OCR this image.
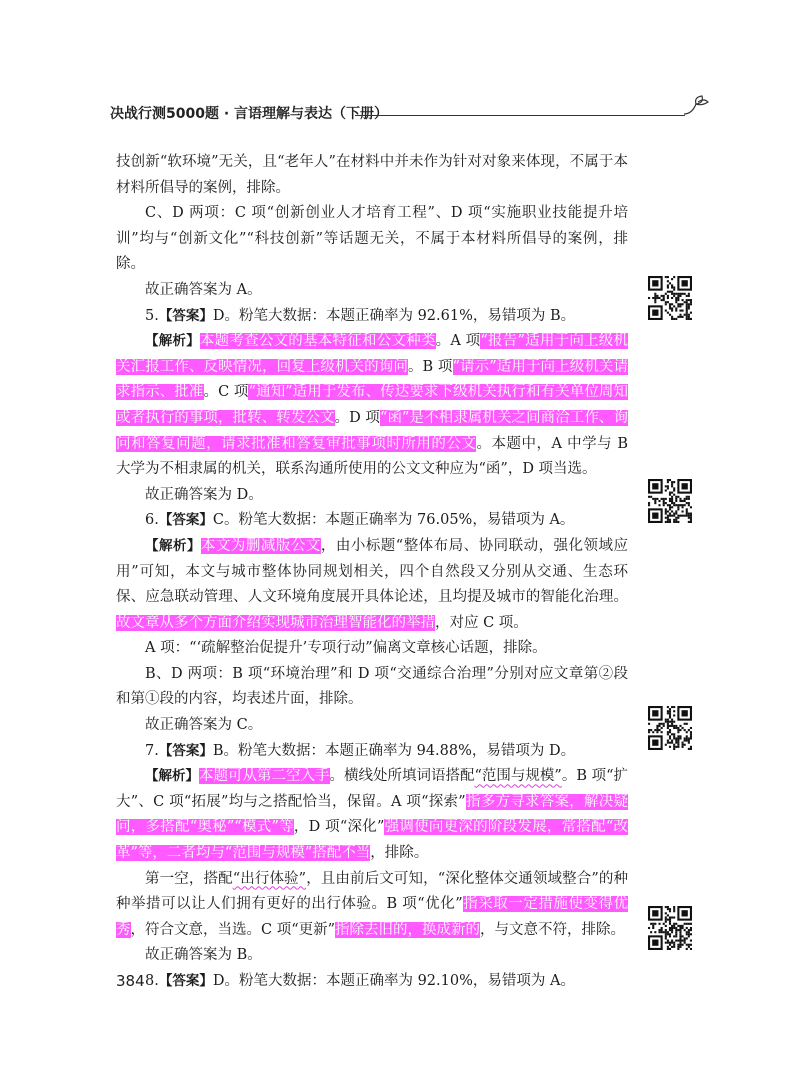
决战行测5000题 · 言语理解与表达（下册）

技创新“软环境”无关，且“老年人”在材料中并未作为针对对象来体现，不属于本材料所倡导的案例，排除。

C、D 两项：C 项“创新创业人才培育工程”、D 项“实施职业技能提升培训”均与“创新文化”“科技创新”等话题无关，不属于本材料所倡导的案例，排除。

故正确答案为 A。

5.【答案】D。粉笔大数据：本题正确率为 92.61%，易错项为 B。

【解析】本题考查公文的基本特征和公文种类。A 项“报告”适用于向上级机关汇报工作、反映情况，回复上级机关的询问。B 项“请示”适用于向上级机关请求指示、批准。C 项“通知”适用于发布、传达要求下级机关执行和有关单位周知或者执行的事项，批转、转发公文。D 项“函”是不相隶属机关之间商洽工作、询问和答复问题，请求批准和答复审批事项时所用的公文。本题中，A 中学与 B 大学为不相隶属的机关，联系沟通所使用的公文文种应为“函”，D 项当选。

故正确答案为 D。

6.【答案】C。粉笔大数据：本题正确率为 76.05%，易错项为 A。

【解析】本文为删减版公文，由小标题“整体布局、协同联动，强化领域应用”可知，本文与城市整体协同规划相关，四个自然段又分别从交通、生态环保、应急联动管理、人文环境角度展开具体论述，且均提及城市的智能化治理。故文章从多个方面介绍实现城市治理智能化的举措，对应 C 项。

A 项：“‘疏解整治促提升’专项行动”偏离文章核心话题，排除。

B、D 两项：B 项“环境治理”和 D 项“交通综合治理”分别对应文章第②段和第①段的内容，均表述片面，排除。

故正确答案为 C。

7.【答案】B。粉笔大数据：本题正确率为 94.88%，易错项为 D。

【解析】本题可从第二空入手。横线处所填词语搭配“范围与规模”。B 项“扩大”、C 项“拓展”均与之搭配恰当，保留。A 项“探索”指多方寻求答案，解决疑问，多搭配“奥秘”“模式”等，D 项“深化”强调使向更深的阶段发展，常搭配“改革”等，二者均与“范围与规模”搭配不当，排除。

第一空，搭配“出行体验”，且由前后文可知，“深化整体交通领域整合”的种种举措可以让人们拥有更好的出行体验。B 项“优化”指采取一定措施使变得优秀，符合文意，当选。C 项“更新”指除去旧的，换成新的，与文意不符，排除。

故正确答案为 B。

8.【答案】D。粉笔大数据：本题正确率为 92.10%，易错项为 A。

384
